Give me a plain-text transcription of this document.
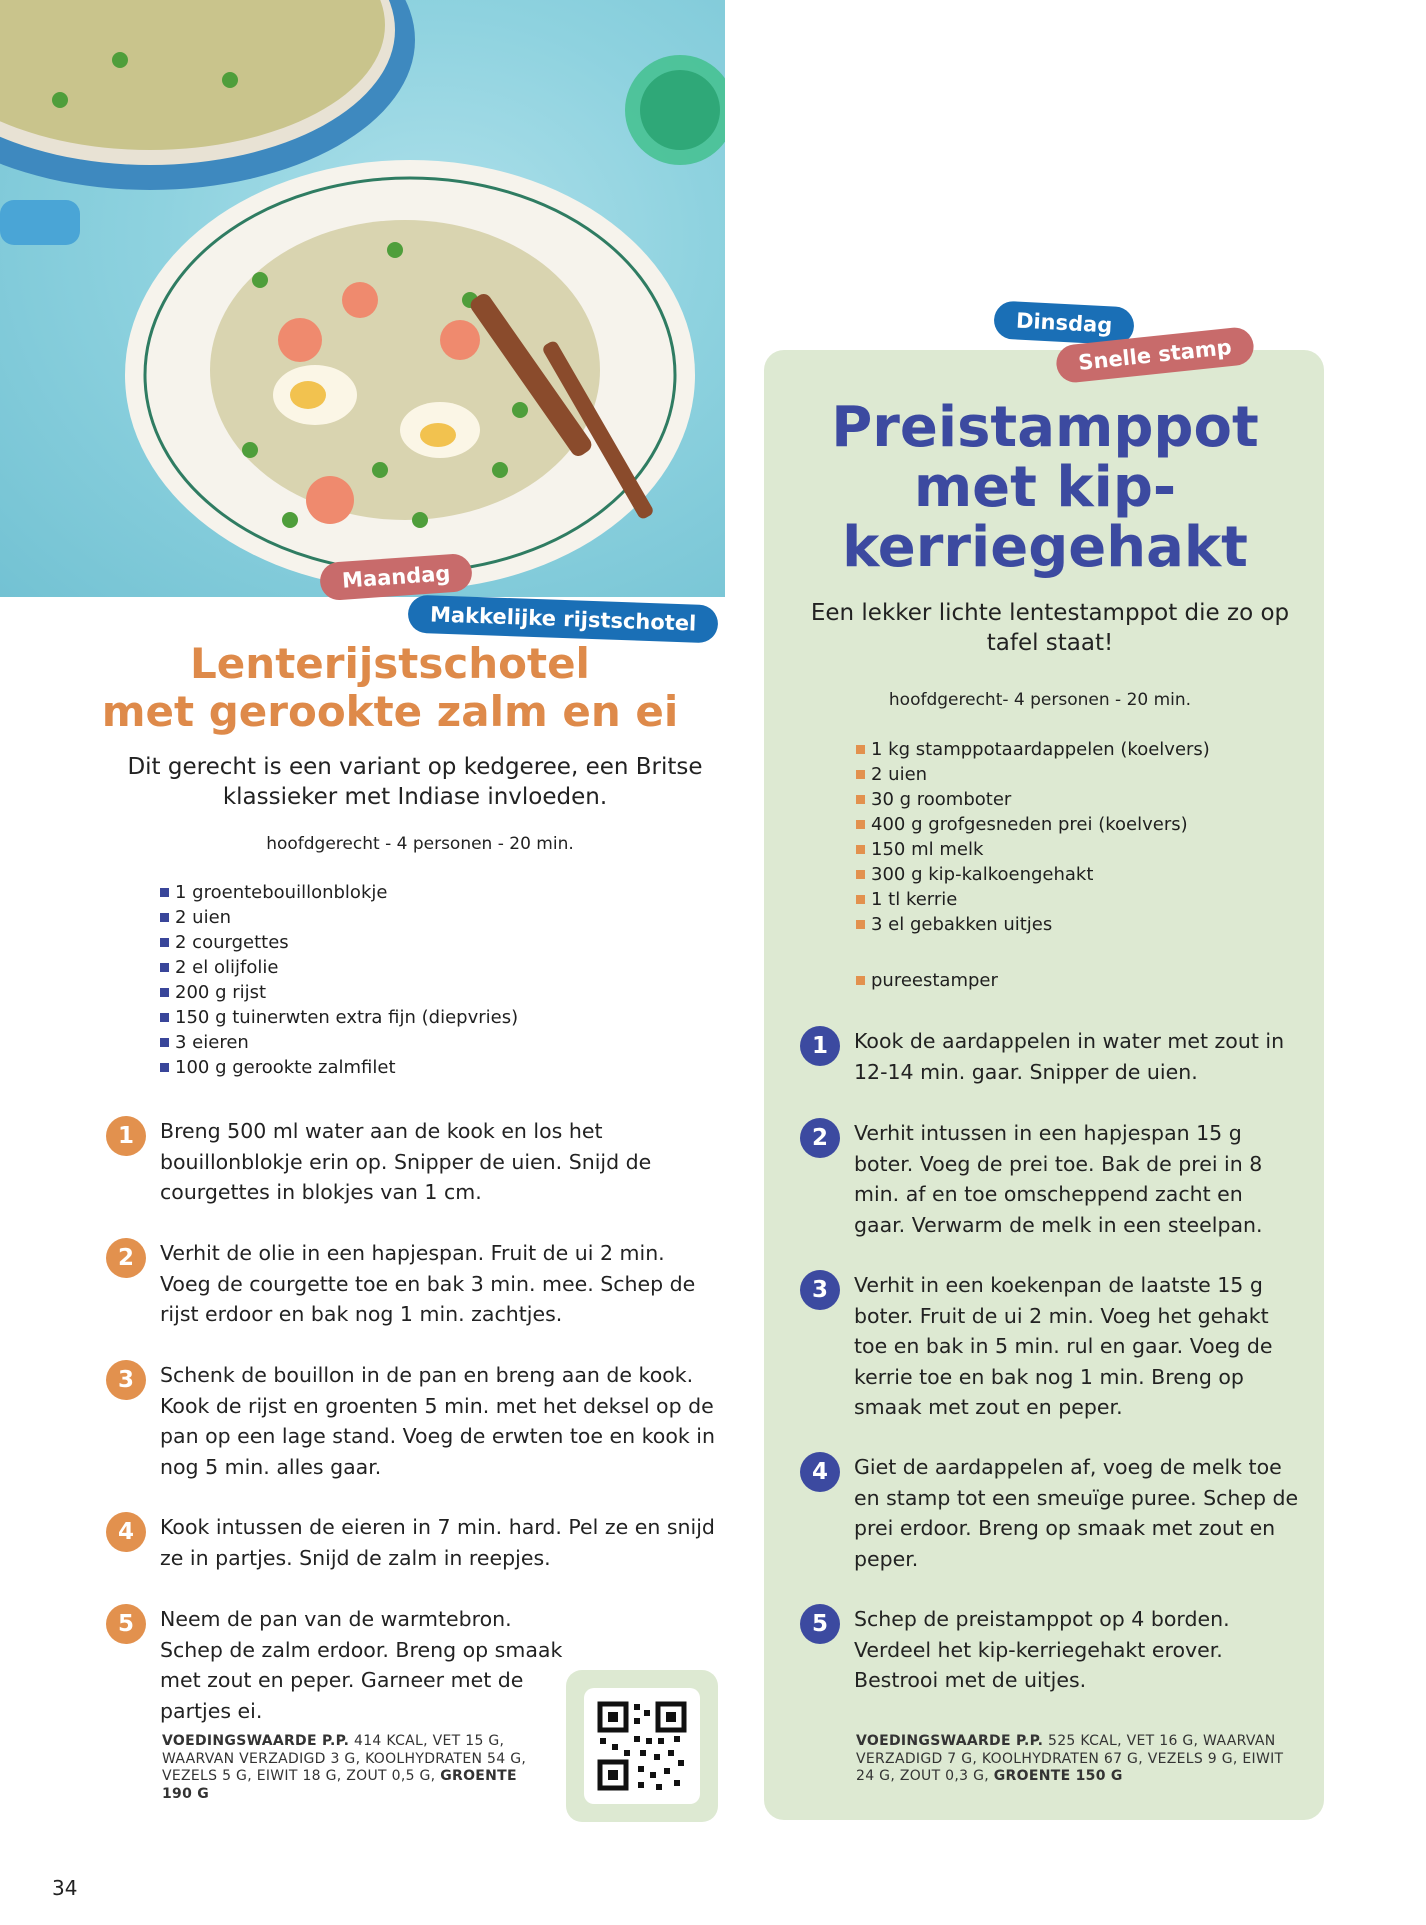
Maandag
Makkelijke rijstschotel
Lenterijstschotel
met gerookte zalm en ei

Dit gerecht is een variant op kedgeree, een Britse klassieker met Indiase invloeden.

hoofdgerecht - 4 personen - 20 min.

1 groentebouillonblokje
2 uien
2 courgettes
2 el olijfolie
200 g rijst
150 g tuinerwten extra fijn (diepvries)
3 eieren
100 g gerookte zalmfilet
1	Breng 500 ml water aan de kook en los het bouillonblokje erin op. Snipper de uien. Snijd de courgettes in blokjes van 1 cm.

2	Verhit de olie in een hapjespan. Fruit de ui 2 min. Voeg de courgette toe en bak 3 min. mee. Schep de rijst erdoor en bak nog 1 min. zachtjes.

3	Schenk de bouillon in de pan en breng aan de kook. Kook de rijst en groenten 5 min. met het deksel op de pan op een lage stand. Voeg de erwten toe en kook in nog 5 min. alles gaar.

4	Kook intussen de eieren in 7 min. hard. Pel ze en snijd ze in partjes. Snijd de zalm in reepjes.

5	Neem de pan van de warmtebron. Schep de zalm erdoor. Breng op smaak met zout en peper. Garneer met de partjes ei.

VOEDINGSWAARDE P.P. 414 KCAL, VET 15 G, WAARVAN VERZADIGD 3 G, KOOLHYDRATEN 54 G, VEZELS 5 G, EIWIT 18 G, ZOUT 0,5 G, GROENTE 190 G

Dinsdag
Snelle stamp
Preistamppot
met kip-
kerriegehakt

Een lekker lichte lentestamppot die zo op tafel staat!

hoofdgerecht- 4 personen - 20 min.

1 kg stamppotaardappelen (koelvers)
2 uien
30 g roomboter
400 g grofgesneden prei (koelvers)
150 ml melk
300 g kip-kalkoengehakt
1 tl kerrie
3 el gebakken uitjes

pureestamper

1	Kook de aardappelen in water met zout in 12-14 min. gaar. Snipper de uien.

2	Verhit intussen in een hapjespan 15 g boter. Voeg de prei toe. Bak de prei in 8 min. af en toe omscheppend zacht en gaar. Verwarm de melk in een steelpan.

3	Verhit in een koekenpan de laatste 15 g boter. Fruit de ui 2 min. Voeg het gehakt toe en bak in 5 min. rul en gaar. Voeg de kerrie toe en bak nog 1 min. Breng op smaak met zout en peper.

4	Giet de aardappelen af, voeg de melk toe en stamp tot een smeuïge puree. Schep de prei erdoor. Breng op smaak met zout en peper.

5	Schep de preistamppot op 4 borden. Verdeel het kip-kerriegehakt erover. Bestrooi met de uitjes.

VOEDINGSWAARDE P.P. 525 KCAL, VET 16 G, WAARVAN VERZADIGD 7 G, KOOLHYDRATEN 67 G, VEZELS 9 G, EIWIT 24 G, ZOUT 0,3 G, GROENTE 150 G

34
